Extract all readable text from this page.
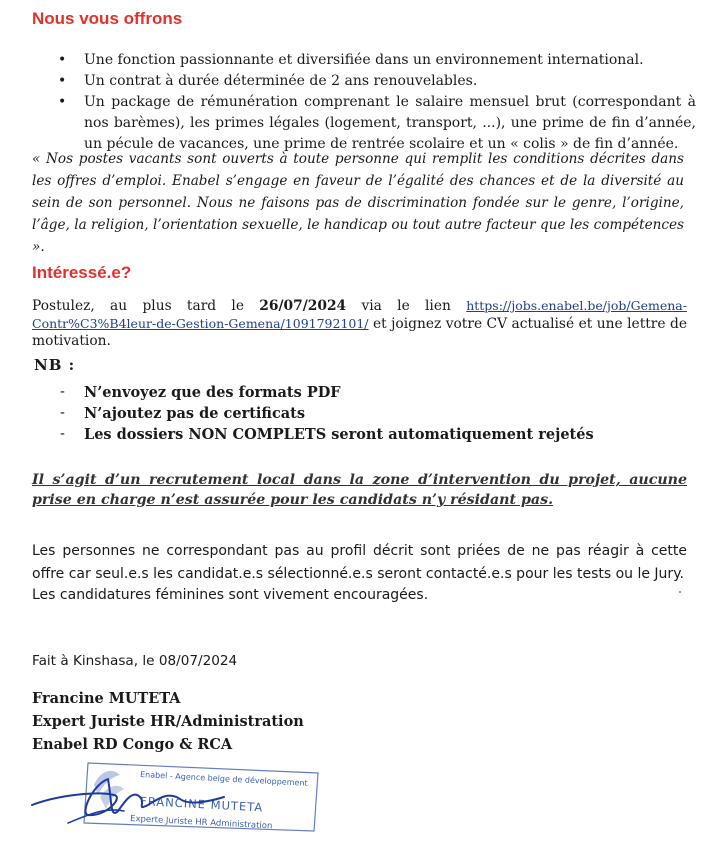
Nous vous offrons
• Une fonction passionnante et diversifiée dans un environnement international.
• Un contrat à durée déterminée de 2 ans renouvelables.
• Un package de rémunération comprenant le salaire mensuel brut (correspondant à nos barèmes), les primes légales (logement, transport, ...), une prime de fin d’année, un pécule de vacances, une prime de rentrée scolaire et un « colis » de fin d’année.

« Nos postes vacants sont ouverts à toute personne qui remplit les conditions décrites dans les offres d’emploi. Enabel s’engage en faveur de l’égalité des chances et de la diversité au sein de son personnel. Nous ne faisons pas de discrimination fondée sur le genre, l’origine, l’âge, la religion, l’orientation sexuelle, le handicap ou tout autre facteur que les compétences ».

Intéressé.e?

Postulez, au plus tard le 26/07/2024 via le lien https://jobs.enabel.be/job/Gemena-Contr%C3%B4leur-de-Gestion-Gemena/1091792101/ et joignez votre CV actualisé et une lettre de motivation.

NB :

- N’envoyez que des formats PDF
- N’ajoutez pas de certificats
- Les dossiers NON COMPLETS seront automatiquement rejetés

Il s’agit d’un recrutement local dans la zone d’intervention du projet, aucune prise en charge n’est assurée pour les candidats n’y résidant pas.

Les personnes ne correspondant pas au profil décrit sont priées de ne pas réagir à cette offre car seul.e.s les candidat.e.s sélectionné.e.s seront contacté.e.s pour les tests ou le Jury.

Les candidatures féminines sont vivement encouragées.

Fait à Kinshasa, le 08/07/2024

Francine MUTETA
Expert Juriste HR/Administration
Enabel RD Congo & RCA
Enabel - Agence belge de développement
FRANCINE MUTETA
Experte Juriste HR Administration
